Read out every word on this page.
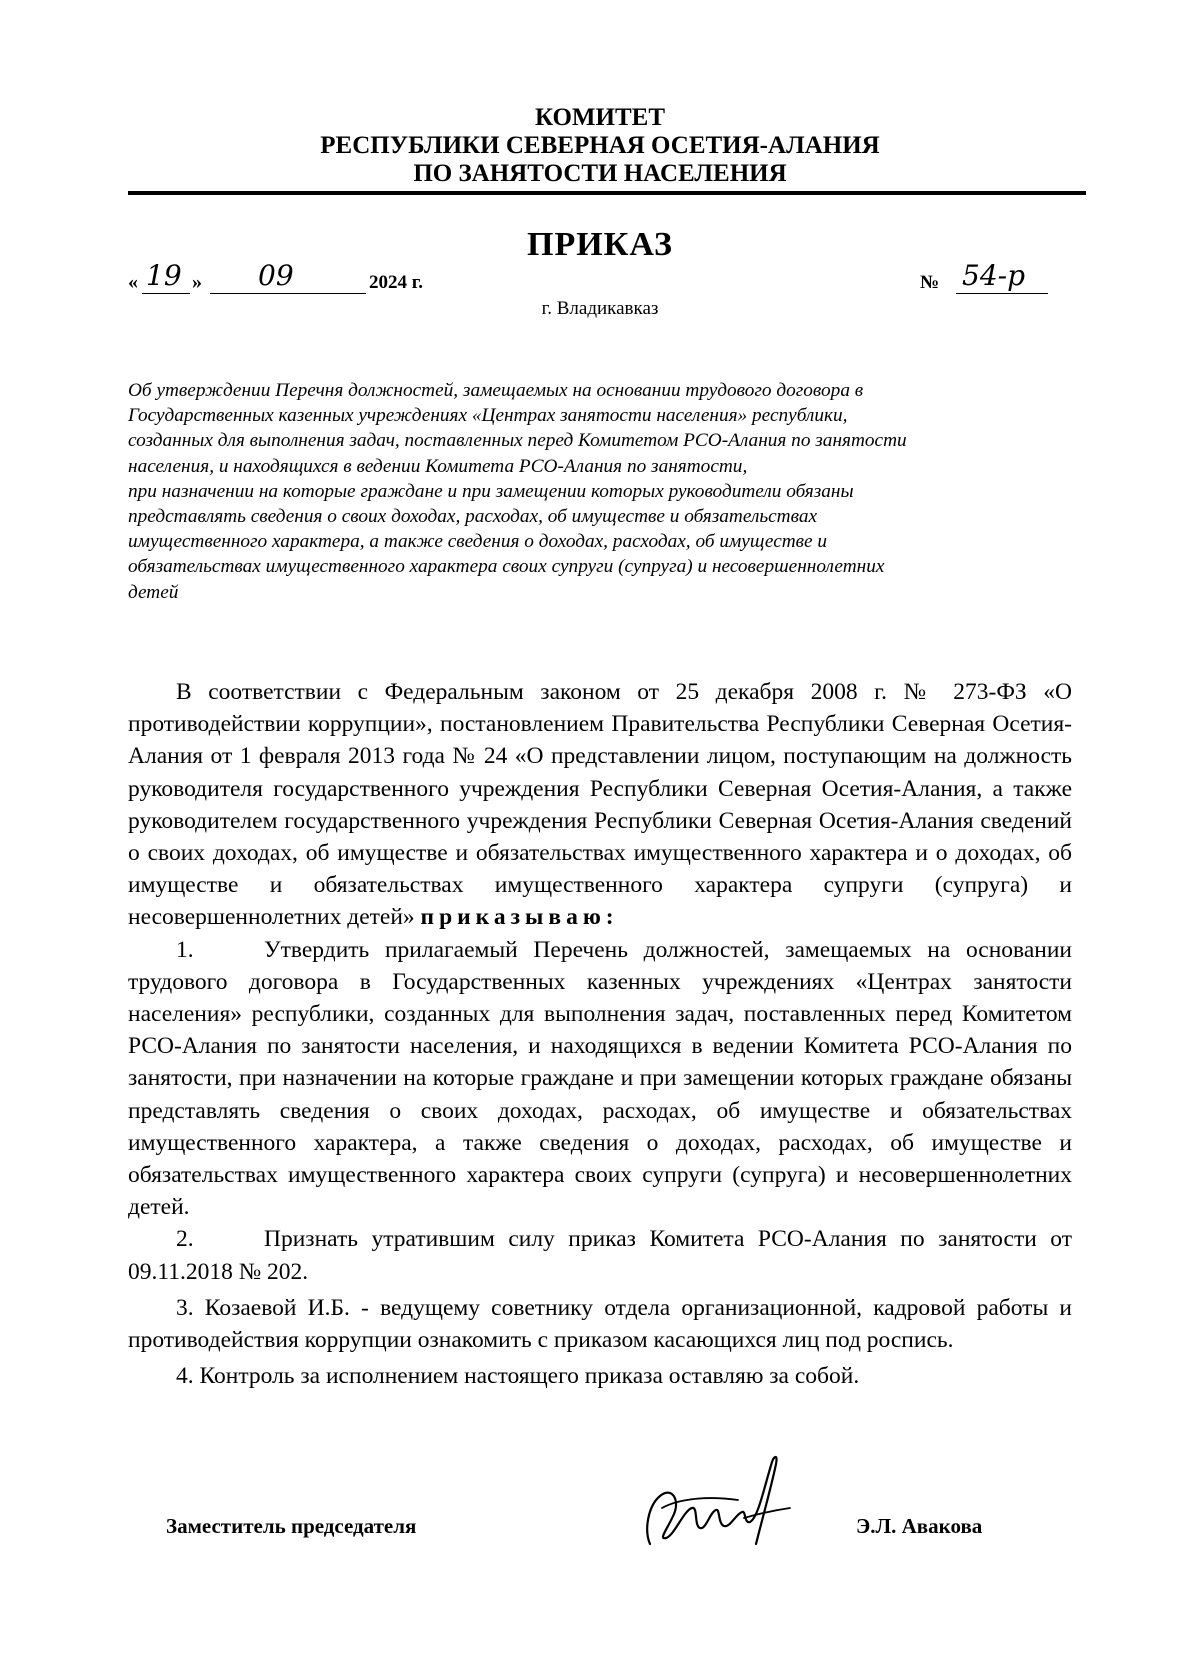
КОМИТЕТ
РЕСПУБЛИКИ СЕВЕРНАЯ ОСЕТИЯ-АЛАНИЯ
ПО ЗАНЯТОСТИ НАСЕЛЕНИЯ
ПРИКАЗ
г. Владикавказ
« 19 » 09	2024 г.	№ 54-р
Об утверждении Перечня должностей, замещаемых на основании трудового договора в
Государственных казенных учреждениях «Центрах занятости населения» республики,
созданных для выполнения задач, поставленных перед Комитетом РСО-Алания по занятости
населения, и находящихся в ведении Комитета РСО-Алания по занятости,
при назначении на которые граждане и при замещении которых руководители обязаны
представлять сведения о своих доходах, расходах, об имуществе и обязательствах
имущественного характера, а также сведения о доходах, расходах, об имуществе и
обязательствах имущественного характера своих супруги (супруга) и несовершеннолетних
детей

В соответствии с Федеральным законом от 25 декабря 2008 г. № 273-ФЗ «О противодействии коррупции», постановлением Правительства Республики Северная Осетия-Алания от 1 февраля 2013 года № 24 «О представлении лицом, поступающим на должность руководителя государственного учреждения Республики Северная Осетия-Алания, а также руководителем государственного учреждения Республики Северная Осетия-Алания сведений о своих доходах, об имуществе и обязательствах имущественного характера и о доходах, об имуществе и обязательствах имущественного характера супруги (супруга) и несовершеннолетних детей» приказываю:

1.	Утвердить прилагаемый Перечень должностей, замещаемых на основании трудового договора в Государственных казенных учреждениях «Центрах занятости населения» республики, созданных для выполнения задач, поставленных перед Комитетом РСО-Алания по занятости населения, и находящихся в ведении Комитета РСО-Алания по занятости, при назначении на которые граждане и при замещении которых граждане обязаны представлять сведения о своих доходах, расходах, об имуществе и обязательствах имущественного характера, а также сведения о доходах, расходах, об имуществе и обязательствах имущественного характера своих супруги (супруга) и несовершеннолетних детей.

2.	Признать утратившим силу приказ Комитета РСО-Алания по занятости от 09.11.2018 № 202.

3. Козаевой И.Б. - ведущему советнику отдела организационной, кадровой работы и противодействия коррупции ознакомить с приказом касающихся лиц под роспись.

4. Контроль за исполнением настоящего приказа оставляю за собой.

Заместитель председателя	Э.Л. Авакова
